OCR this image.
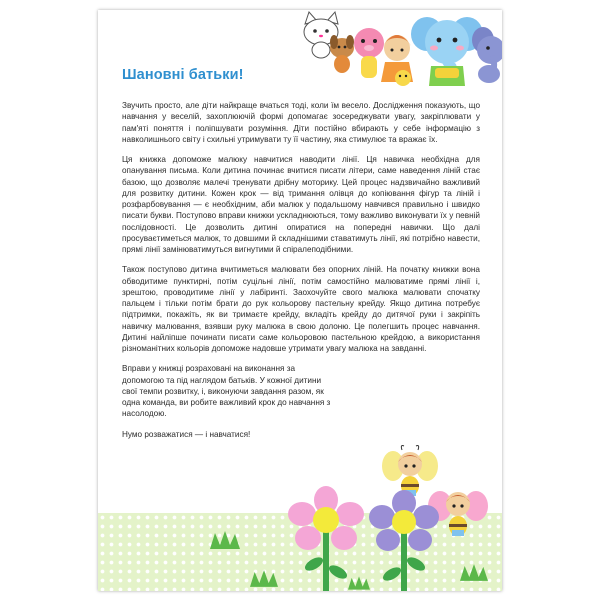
Шановні батьки!

Звучить просто, але діти найкраще вчаться тоді, коли їм весело. Дослідження показують, що навчання у веселій, захоплюючій формі допомагає зосереджувати увагу, закріплювати у пам'яті поняття і поліпшувати розуміння. Діти постійно вбирають у себе інформацію з навколишнього світу і схильні утримувати ту її частину, яка стимулює та вражає їх.

Ця книжка допоможе малюку навчитися наводити лінії. Ця навичка необхідна для опанування письма. Коли дитина починає вчитися писати літери, саме наведення ліній стає базою, що дозволяє малечі тренувати дрібну моторику. Цей процес надзвичайно важливий для розвитку дитини. Кожен крок — від тримання олівця до копіювання фігур та ліній і розфарбовування — є необхідним, аби малюк у подальшому навчився правильно і швидко писати букви. Поступово вправи книжки ускладнюються, тому важливо виконувати їх у певній послідовності. Це дозволить дитині опиратися на попередні навички. Що далі просуваєтиметься малюк, то довшими й складнішими ставатимуть лінії, які потрібно навести, прямі лінії замінюватимуться вигнутими й спіралеподібними.

Також поступово дитина вчитиметься малювати без опорних ліній. На початку книжки вона обводитиме пунктирні, потім суцільні лінії, потім самостійно малюватиме прямі лінії і, зрештою, проводитиме лінії у лабіринті. Заохочуйте свого малюка малювати спочатку пальцем і тільки потім брати до рук кольорову пастельну крейду. Якщо дитина потребує підтримки, покажіть, як ви тримаєте крейду, вкладіть крейду до дитячої руки і закріпіть навичку малювання, взявши руку малюка в свою долоню. Це полегшить процес навчання. Дитині найліпше починати писати саме кольоровою пастельною крейдою, а використання різноманітних кольорів допоможе надовше утримати увагу малюка на завданні.

Вправи у книжці розраховані на виконання за допомогою та під наглядом батьків. У кожної дитини свої темпи розвитку, і, виконуючи завдання разом, як одна команда, ви робите важливий крок до навчання з насолодою.

Нумо розважатися — і навчатися!
